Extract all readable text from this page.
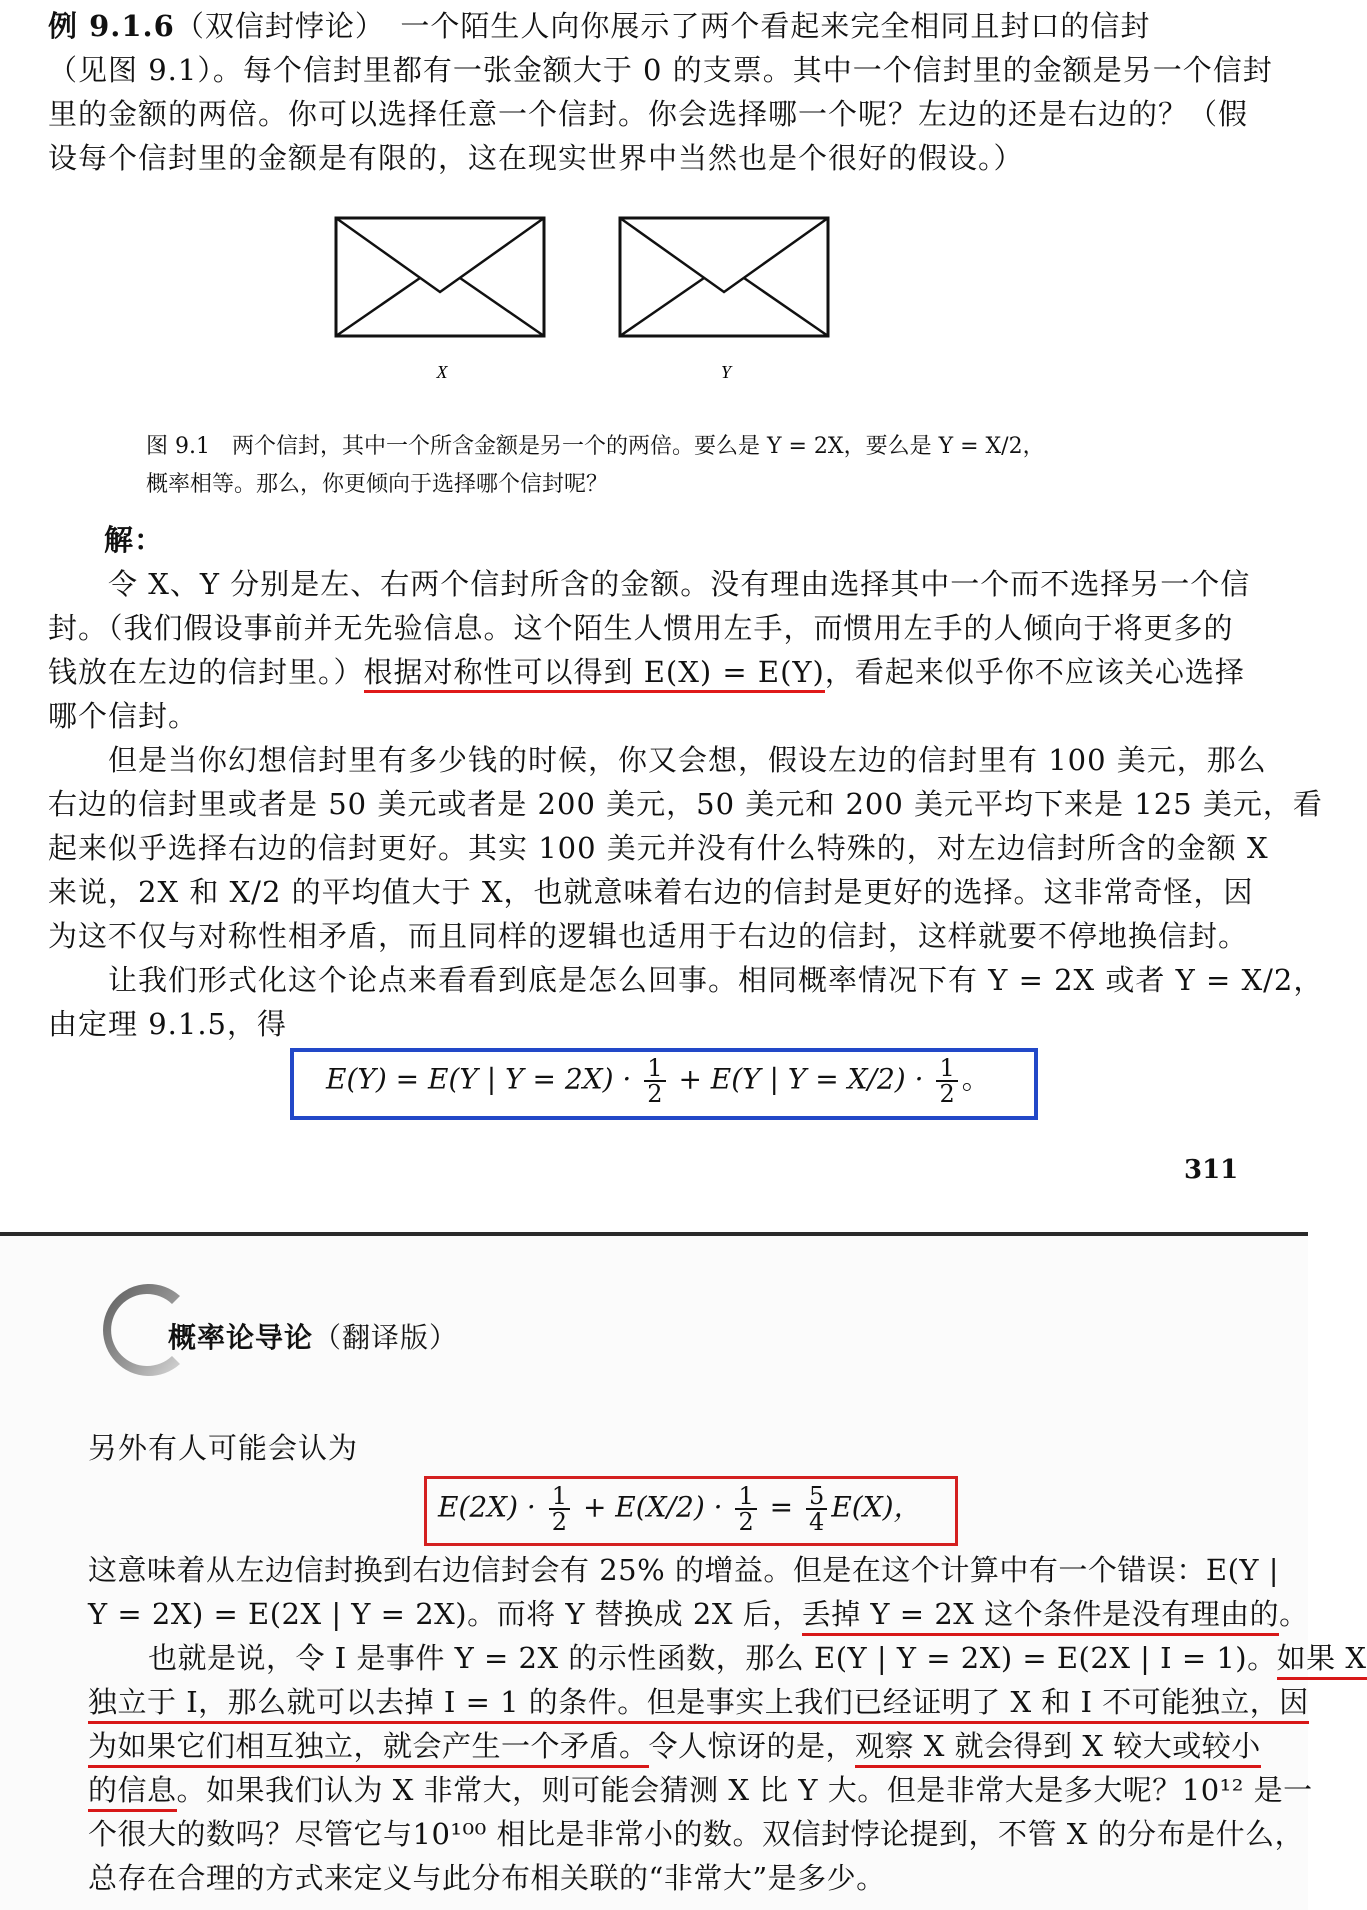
例 9.1.6（双信封悖论）　 一个陌生人向你展示了两个看起来完全相同且封口的信封
（见图 9.1）。每个信封里都有一张金额大于 0 的支票。其中一个信封里的金额是另一个信封
里的金额的两倍。你可以选择任意一个信封。你会选择哪一个呢？左边的还是右边的？（假
设每个信封里的金额是有限的，这在现实世界中当然也是个很好的假设。）
X	Y
图 9.1　两个信封，其中一个所含金额是另一个的两倍。要么是 Y = 2X，要么是 Y = X/2，
概率相等。那么，你更倾向于选择哪个信封呢？
解：
令 X、Y 分别是左、右两个信封所含的金额。没有理由选择其中一个而不选择另一个信
封。（我们假设事前并无先验信息。这个陌生人惯用左手，而惯用左手的人倾向于将更多的
钱放在左边的信封里。）根据对称性可以得到 E(X) = E(Y)，看起来似乎你不应该关心选择
哪个信封。
但是当你幻想信封里有多少钱的时候，你又会想，假设左边的信封里有 100 美元，那么
右边的信封里或者是 50 美元或者是 200 美元，50 美元和 200 美元平均下来是 125 美元，看
起来似乎选择右边的信封更好。其实 100 美元并没有什么特殊的，对左边信封所含的金额 X
来说，2X 和 X/2 的平均值大于 X，也就意味着右边的信封是更好的选择。这非常奇怪，因
为这不仅与对称性相矛盾，而且同样的逻辑也适用于右边的信封，这样就要不停地换信封。
让我们形式化这个论点来看看到底是怎么回事。相同概率情况下有 Y = 2X 或者 Y = X/2，
由定理 9.1.5，得
E(Y) = E(Y | $Y = 2X) \cdot \frac{1}{2} + E(Y$ | $Y = X/2) \cdot \frac{1}{2}$ 。
311
概率论导论（翻译版）
另外有人可能会认为
$E(2X) \cdot \frac{1}{2} + E(X/2) \cdot \frac{1}{2} = \frac{5}{4} E(X)$，
这意味着从左边信封换到右边信封会有 25% 的增益。但是在这个计算中有一个错误：E(Y |
Y = 2X) = E(2X | Y = 2X)。而将 Y 替换成 2X 后，丢掉 Y = 2X 这个条件是没有理由的。
也就是说，令 I 是事件 Y = 2X 的示性函数，那么 E(Y | Y = 2X) = E(2X | I = 1)。如果 X
独立于 I，那么就可以去掉 I = 1 的条件。但是事实上我们已经证明了 X 和 I 不可能独立，因
为如果它们相互独立，就会产生一个矛盾。令人惊讶的是，观察 X 就会得到 X 较大或较小
的信息。如果我们认为 X 非常大，则可能会猜测 X 比 Y 大。但是非常大是多大呢？10¹² 是一
个很大的数吗？尽管它与10¹⁰⁰ 相比是非常小的数。双信封悖论提到，不管 X 的分布是什么，
总存在合理的方式来定义与此分布相关联的“非常大”是多少。
